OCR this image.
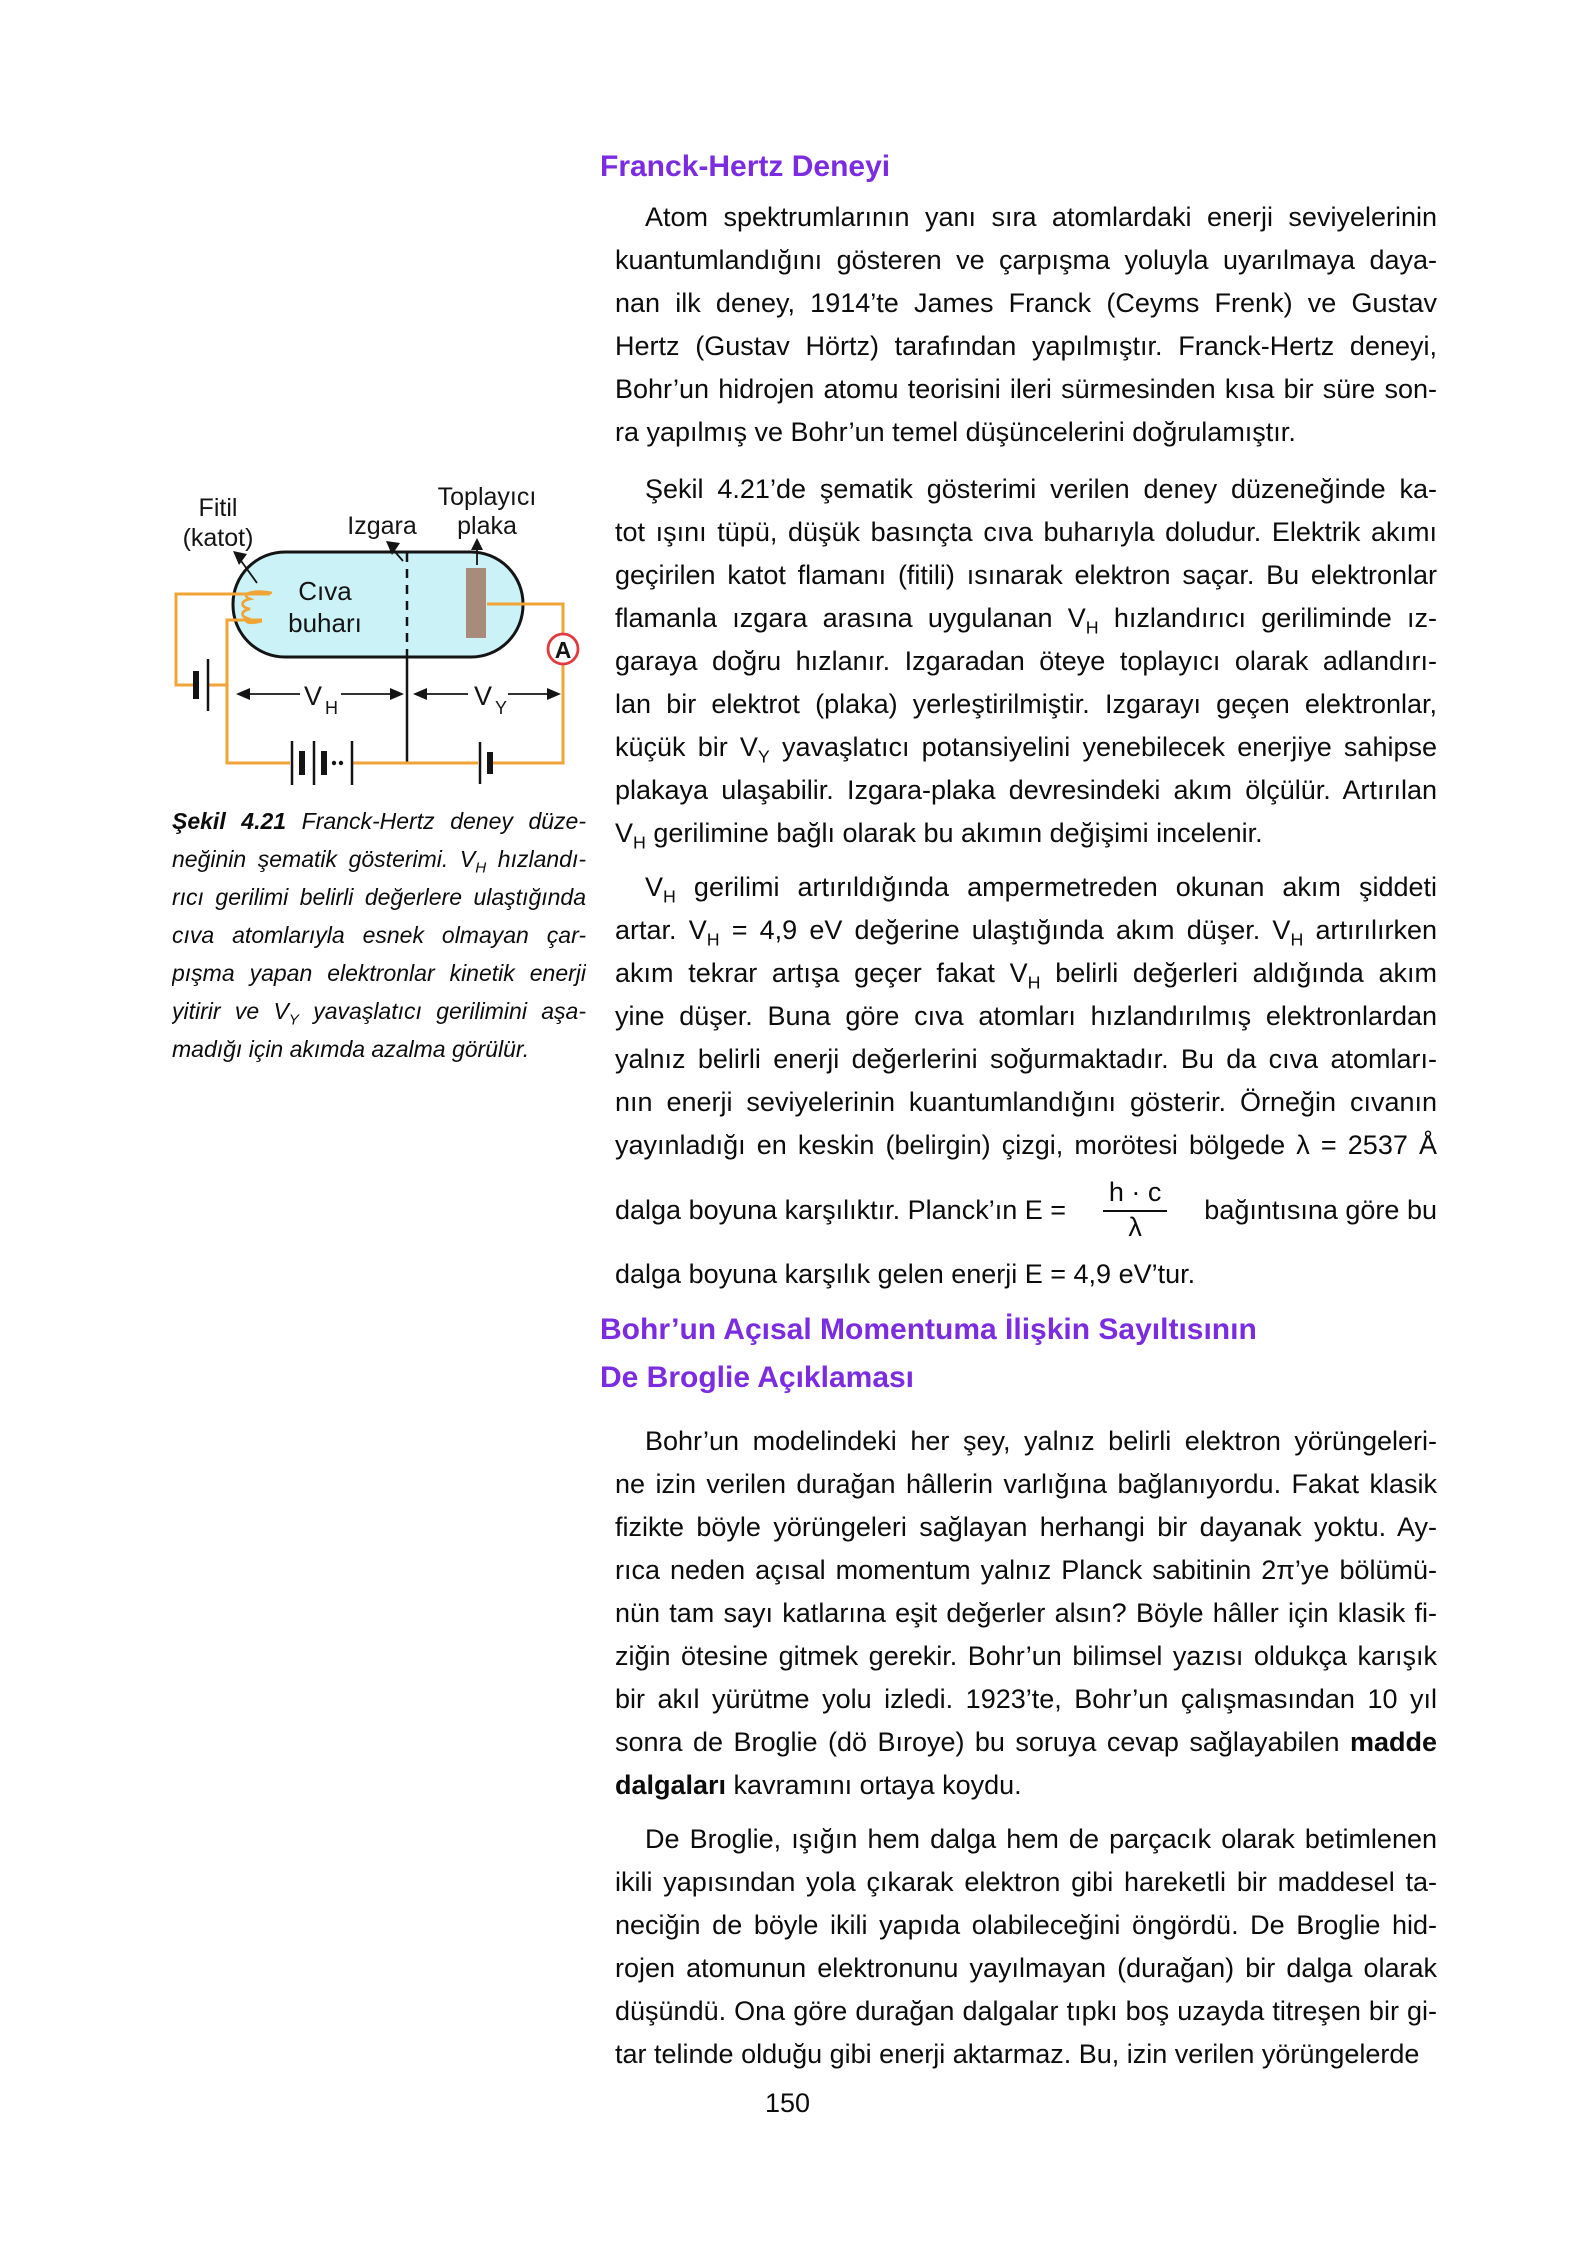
Franck-Hertz Deneyi
A
Fitil
(katot)	Izgara
Toplayıcı
plaka
Cıva
buharı
V H	V Y
Şekil 4.21 Franck-Hertz deney düze-
neğinin şematik gösterimi. $V_H$ hızlandı-
rıcı gerilimi belirli değerlere ulaştığında
cıva atomlarıyla esnek olmayan çar-
pışma yapan elektronlar kinetik enerji
yitirir ve $V_Y$ yavaşlatıcı gerilimini aşa-
madığı için akımda azalma görülür.
Atom spektrumlarının yanı sıra atomlardaki enerji seviyelerinin
kuantumlandığını gösteren ve çarpışma yoluyla uyarılmaya daya-
nan ilk deney, 1914’te James Franck (Ceyms Frenk) ve Gustav
Hertz (Gustav Hörtz) tarafından yapılmıştır. Franck-Hertz deneyi,
Bohr’un hidrojen atomu teorisini ileri sürmesinden kısa bir süre son-
ra yapılmış ve Bohr’un temel düşüncelerini doğrulamıştır.
Şekil 4.21’de şematik gösterimi verilen deney düzeneğinde ka-
tot ışını tüpü, düşük basınçta cıva buharıyla doludur. Elektrik akımı
geçirilen katot flamanı (fitili) ısınarak elektron saçar. Bu elektronlar
flamanla ızgara arasına uygulanan $V_H$ hızlandırıcı geriliminde ız-
garaya doğru hızlanır. Izgaradan öteye toplayıcı olarak adlandırı-
lan bir elektrot (plaka) yerleştirilmiştir. Izgarayı geçen elektronlar,
küçük bir $V_Y$ yavaşlatıcı potansiyelini yenebilecek enerjiye sahipse
plakaya ulaşabilir. Izgara-plaka devresindeki akım ölçülür. Artırılan
$V_H$ gerilimine bağlı olarak bu akımın değişimi incelenir.
$V_H$ gerilimi artırıldığında ampermetreden okunan akım şiddeti
artar. $V_H = 4,9$ eV değerine ulaştığında akım düşer. $V_H$ artırılırken
akım tekrar artışa geçer fakat $V_H$ belirli değerleri aldığında akım
yine düşer. Buna göre cıva atomları hızlandırılmış elektronlardan
yalnız belirli enerji değerlerini soğurmaktadır. Bu da cıva atomları-
nın enerji seviyelerinin kuantumlandığını gösterir. Örneğin cıvanın
yayınladığı en keskin (belirgin) çizgi, morötesi bölgede λ = 2537 Å
dalga boyuna karşılıktır. Planck’ın $E = \frac{h \cdot c}{\lambda}$ bağıntısına göre bu
dalga boyuna karşılık gelen enerji E = 4,9 eV’tur.
Bohr’un Açısal Momentuma İlişkin Sayıltısının
De Broglie Açıklaması
Bohr’un modelindeki her şey, yalnız belirli elektron yörüngeleri-
ne izin verilen durağan hâllerin varlığına bağlanıyordu. Fakat klasik
fizikte böyle yörüngeleri sağlayan herhangi bir dayanak yoktu. Ay-
rıca neden açısal momentum yalnız Planck sabitinin 2π’ye bölümü-
nün tam sayı katlarına eşit değerler alsın? Böyle hâller için klasik fi-
ziğin ötesine gitmek gerekir. Bohr’un bilimsel yazısı oldukça karışık
bir akıl yürütme yolu izledi. 1923’te, Bohr’un çalışmasından 10 yıl
sonra de Broglie (dö Bıroye) bu soruya cevap sağlayabilen madde
dalgaları kavramını ortaya koydu.
De Broglie, ışığın hem dalga hem de parçacık olarak betimlenen
ikili yapısından yola çıkarak elektron gibi hareketli bir maddesel ta-
neciğin de böyle ikili yapıda olabileceğini öngördü. De Broglie hid-
rojen atomunun elektronunu yayılmayan (durağan) bir dalga olarak
düşündü. Ona göre durağan dalgalar tıpkı boş uzayda titreşen bir gi-
tar telinde olduğu gibi enerji aktarmaz. Bu, izin verilen yörüngelerde
150
